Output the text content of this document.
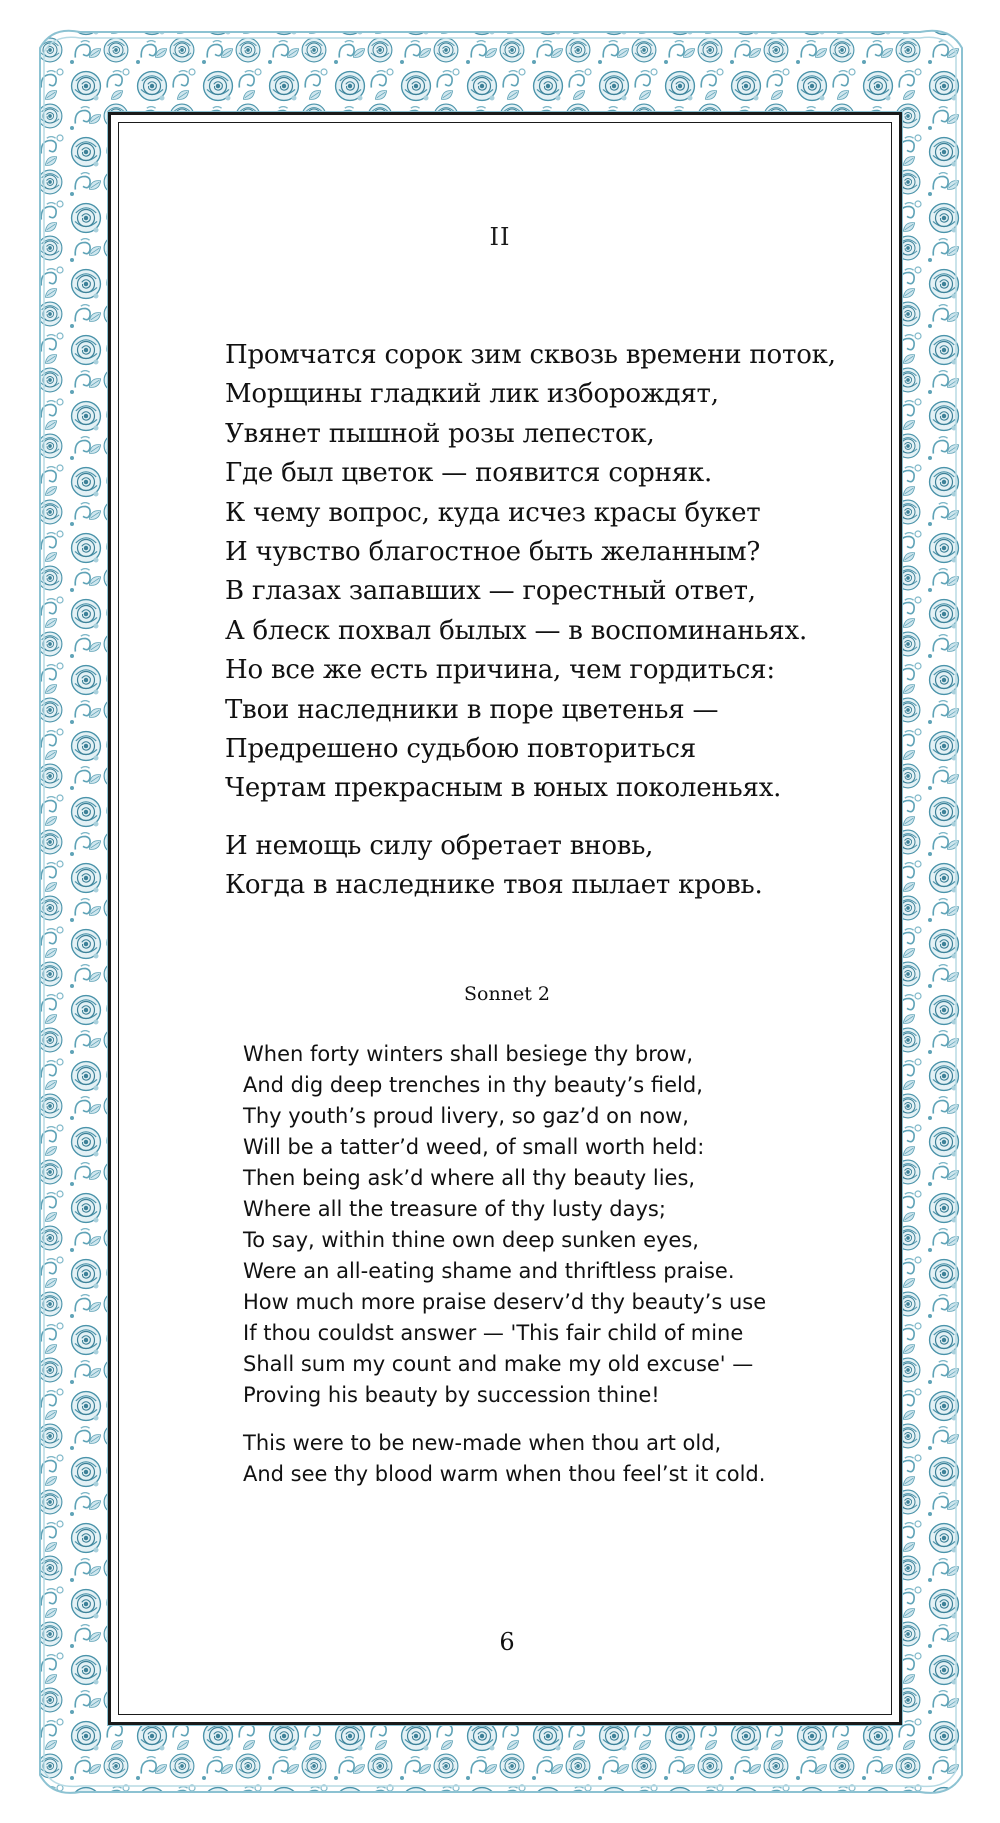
II
Промчатся сорок зим сквозь времени поток,
Морщины гладкий лик изборождят,
Увянет пышной розы лепесток,
Где был цветок — появится сорняк.
К чему вопрос, куда исчез красы букет
И чувство благостное быть желанным?
В глазах запавших — горестный ответ,
А блеск похвал былых — в воспоминаньях.
Но все же есть причина, чем гордиться:
Твои наследники в поре цветенья —
Предрешено судьбою повториться
Чертам прекрасным в юных поколеньях.
И немощь силу обретает вновь,
Когда в наследнике твоя пылает кровь.
Sonnet 2
When forty winters shall besiege thy brow,
And dig deep trenches in thy beauty’s field,
Thy youth’s proud livery, so gaz’d on now,
Will be a tatter’d weed, of small worth held:
Then being ask’d where all thy beauty lies,
Where all the treasure of thy lusty days;
To say, within thine own deep sunken eyes,
Were an all-eating shame and thriftless praise.
How much more praise deserv’d thy beauty’s use
If thou couldst answer — 'This fair child of mine
Shall sum my count and make my old excuse' —
Proving his beauty by succession thine!
This were to be new-made when thou art old,
And see thy blood warm when thou feel’st it cold.
6
